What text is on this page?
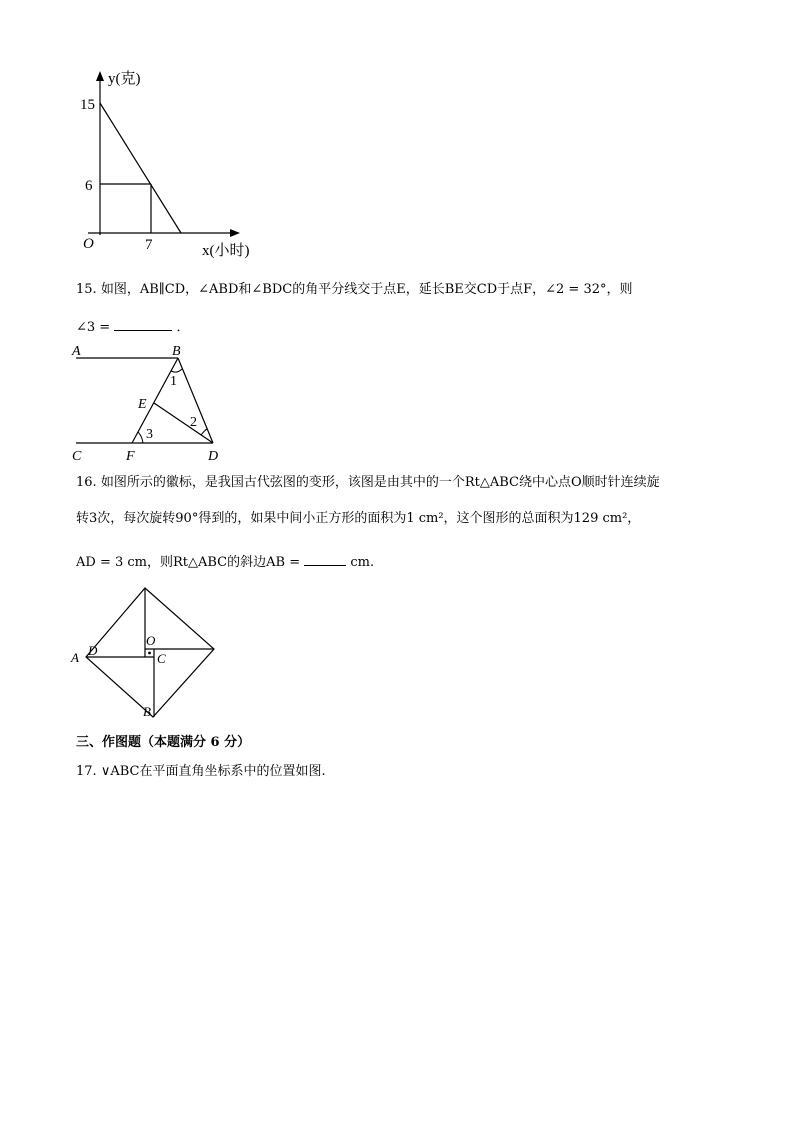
y(克)
x(小时)
O
15
6
7
15. 如图，AB∥CD，∠ABD和∠BDC的角平分线交于点E，延长BE交CD于点F，∠2 = 32°，则
∠3 =	．
A	B
C	D
E
F
1
2
3
16. 如图所示的徽标，是我国古代弦图的变形，该图是由其中的一个Rt△ABC绕中心点O顺时针连续旋
转3次，每次旋转90°得到的，如果中间小正方形的面积为1 cm²，这个图形的总面积为129 cm²，
AD = 3 cm，则Rt△ABC的斜边AB =	cm.
A D
O
C
B
三、作图题（本题满分 6 分）
17. ∨ABC在平面直角坐标系中的位置如图.
